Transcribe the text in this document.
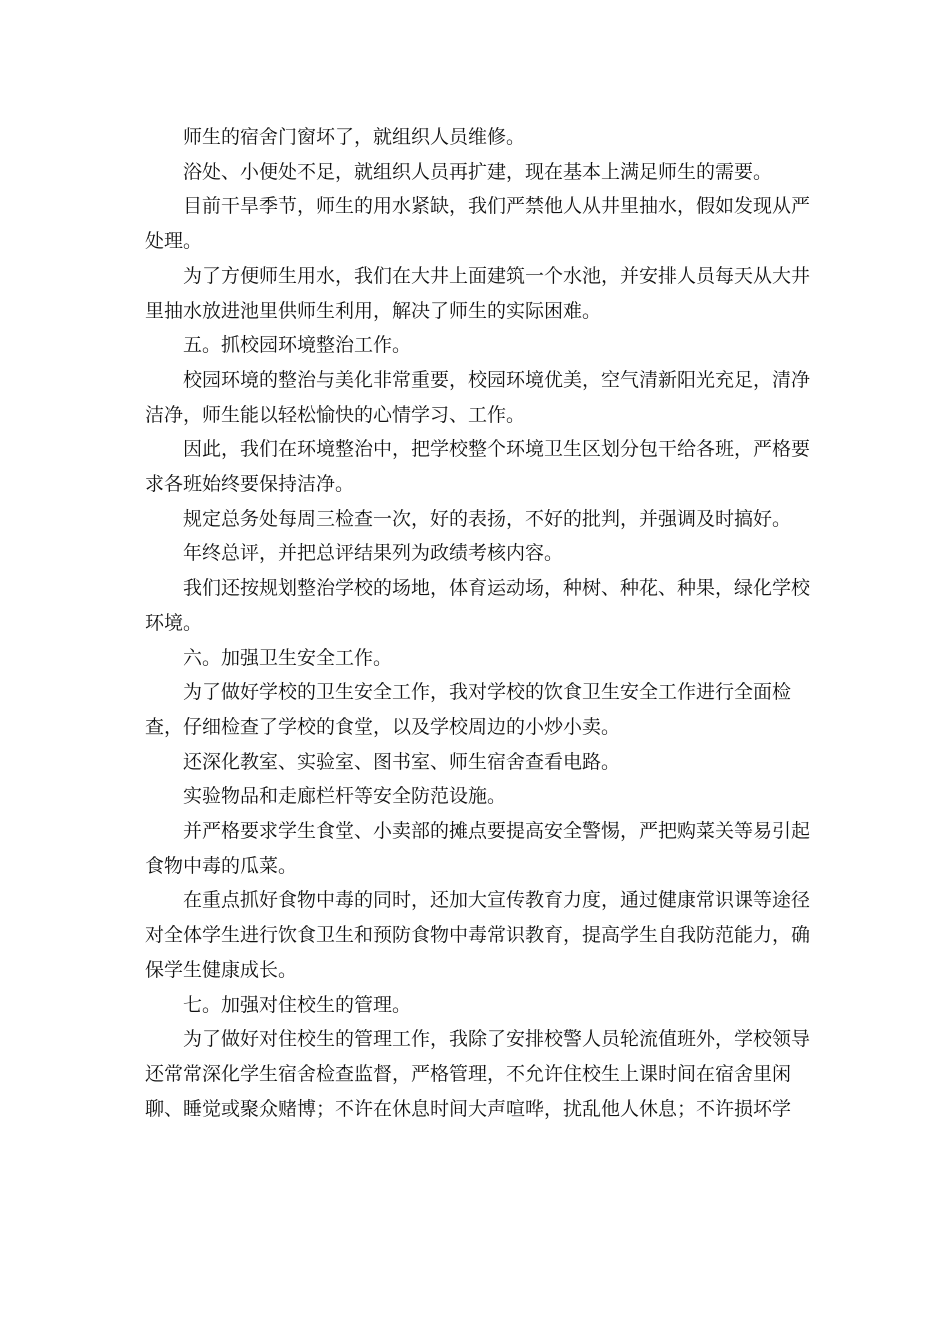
师生的宿舍门窗坏了，就组织人员维修。

浴处、小便处不足，就组织人员再扩建，现在基本上满足师生的需要。

目前干旱季节，师生的用水紧缺，我们严禁他人从井里抽水，假如发现从严处理。

为了方便师生用水，我们在大井上面建筑一个水池，并安排人员每天从大井里抽水放进池里供师生利用，解决了师生的实际困难。

五。抓校园环境整治工作。

校园环境的整治与美化非常重要，校园环境优美，空气清新阳光充足，清净洁净，师生能以轻松愉快的心情学习、工作。

因此，我们在环境整治中，把学校整个环境卫生区划分包干给各班，严格要求各班始终要保持洁净。

规定总务处每周三检查一次，好的表扬，不好的批判，并强调及时搞好。

年终总评，并把总评结果列为政绩考核内容。

我们还按规划整治学校的场地，体育运动场，种树、种花、种果，绿化学校环境。

六。加强卫生安全工作。

为了做好学校的卫生安全工作，我对学校的饮食卫生安全工作进行全面检查，仔细检查了学校的食堂，以及学校周边的小炒小卖。

还深化教室、实验室、图书室、师生宿舍查看电路。

实验物品和走廊栏杆等安全防范设施。

并严格要求学生食堂、小卖部的摊点要提高安全警惕，严把购菜关等易引起食物中毒的瓜菜。

在重点抓好食物中毒的同时，还加大宣传教育力度，通过健康常识课等途径对全体学生进行饮食卫生和预防食物中毒常识教育，提高学生自我防范能力，确保学生健康成长。

七。加强对住校生的管理。

为了做好对住校生的管理工作，我除了安排校警人员轮流值班外，学校领导还常常深化学生宿舍检查监督，严格管理，不允许住校生上课时间在宿舍里闲聊、睡觉或聚众赌博；不许在休息时间大声喧哗，扰乱他人休息；不许损坏学
